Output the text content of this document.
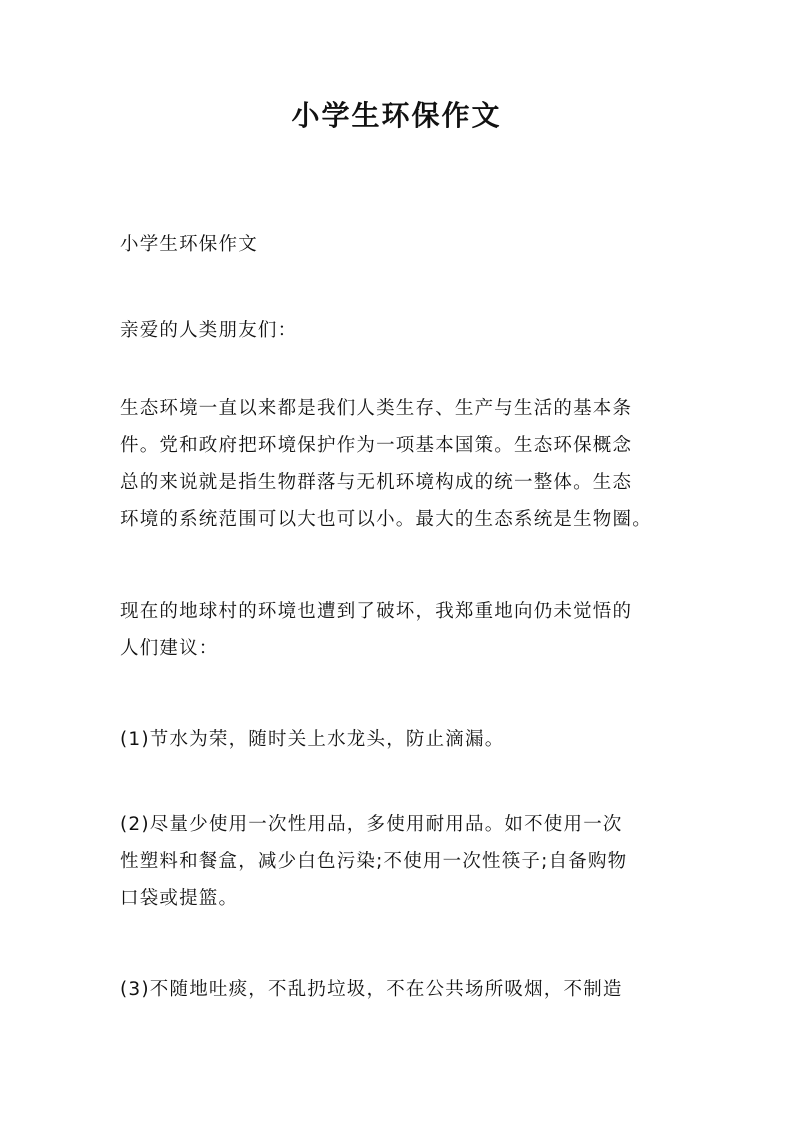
小学生环保作文

小学生环保作文

亲爱的人类朋友们：

生态环境一直以来都是我们人类生存、生产与生活的基本条
件。党和政府把环境保护作为一项基本国策。生态环保概念
总的来说就是指生物群落与无机环境构成的统一整体。生态
环境的系统范围可以大也可以小。最大的生态系统是生物圈。

现在的地球村的环境也遭到了破坏，我郑重地向仍未觉悟的
人们建议：

(1)节水为荣，随时关上水龙头，防止滴漏。

(2)尽量少使用一次性用品，多使用耐用品。如不使用一次
性塑料和餐盒，减少白色污染;不使用一次性筷子;自备购物
口袋或提篮。

(3)不随地吐痰，不乱扔垃圾，不在公共场所吸烟，不制造
